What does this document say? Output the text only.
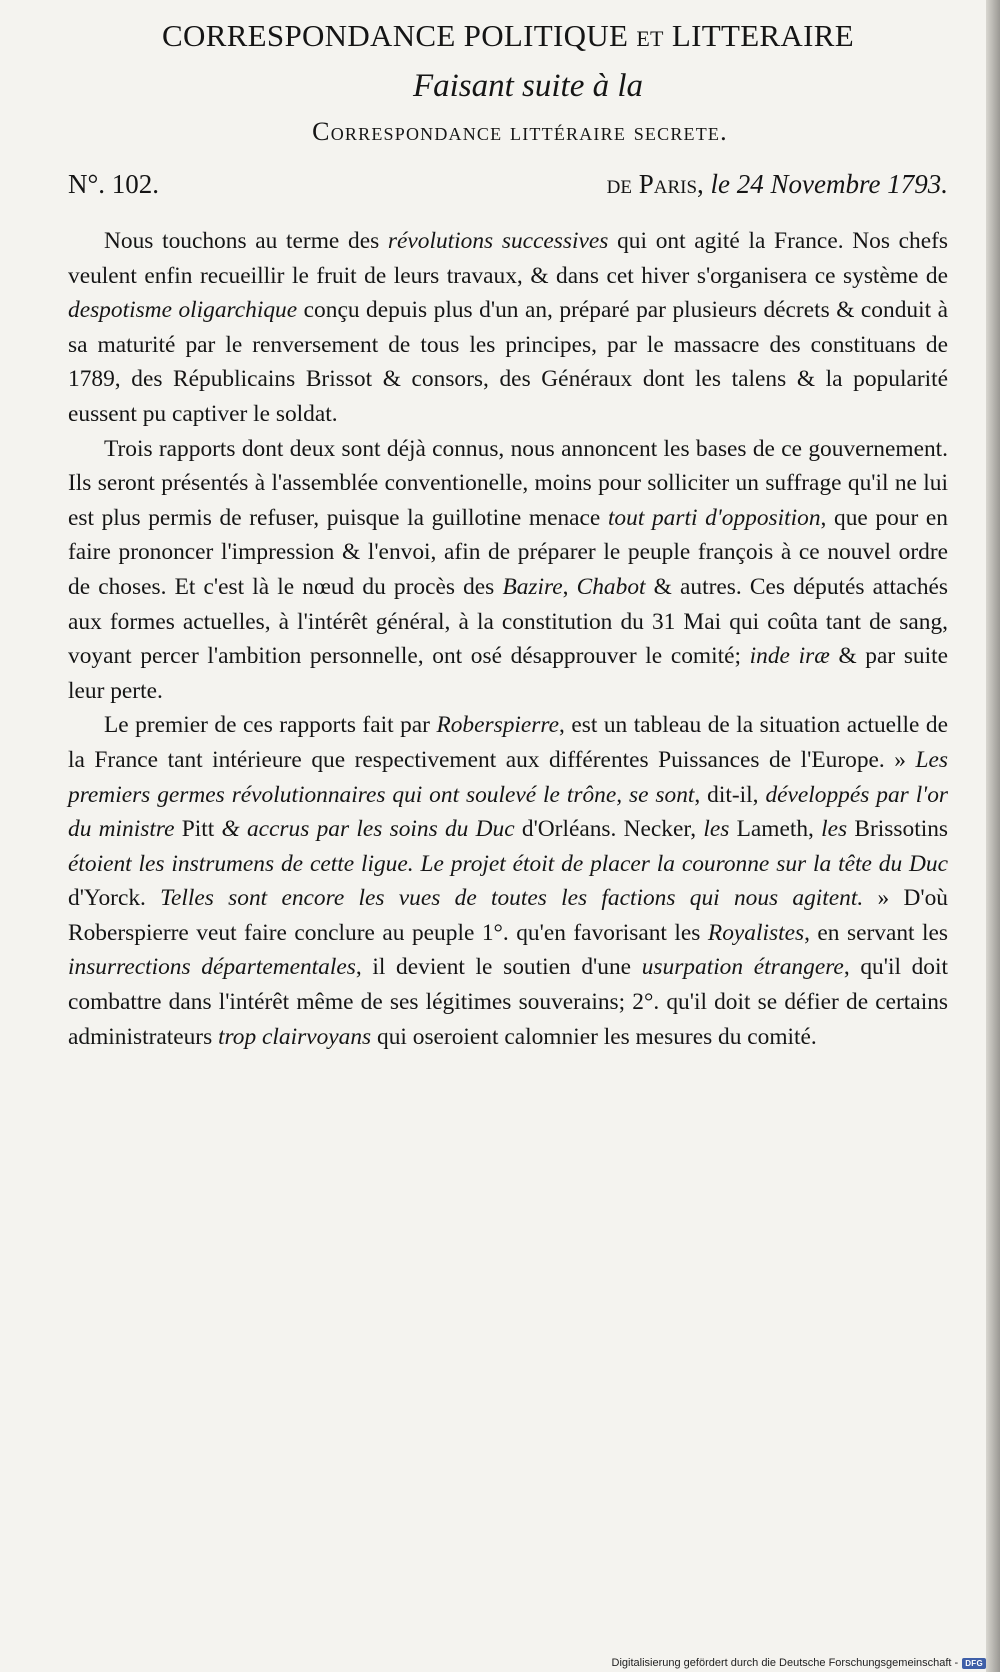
CORRESPONDANCE POLITIQUE ET LITTERAIRE
Faisant suite à la
Correspondance littéraire secrete.
N°. 102.	de Paris, le 24 Novembre 1793.

Nous touchons au terme des révolutions successives qui ont agité la France. Nos chefs veulent enfin recueillir le fruit de leurs travaux, & dans cet hiver s'organisera ce système de despotisme oligarchique conçu depuis plus d'un an, préparé par plusieurs décrets & conduit à sa maturité par le renversement de tous les principes, par le massacre des constituans de 1789, des Républicains Brissot & consors, des Généraux dont les talens & la popularité eussent pu captiver le soldat.

Trois rapports dont deux sont déjà connus, nous annoncent les bases de ce gouvernement. Ils seront présentés à l'assemblée conventionelle, moins pour solliciter un suffrage qu'il ne lui est plus permis de refuser, puisque la guillotine menace tout parti d'opposition, que pour en faire prononcer l'impression & l'envoi, afin de préparer le peuple françois à ce nouvel ordre de choses. Et c'est là le nœud du procès des Bazire, Chabot & autres. Ces députés attachés aux formes actuelles, à l'intérêt général, à la constitution du 31 Mai qui coûta tant de sang, voyant percer l'ambition personnelle, ont osé désapprouver le comité; inde iræ & par suite leur perte.

Le premier de ces rapports fait par Roberspierre, est un tableau de la situation actuelle de la France tant intérieure que respectivement aux différentes Puissances de l'Europe. » Les premiers germes révolutionnaires qui ont soulevé le trône, se sont, dit-il, développés par l'or du ministre Pitt & accrus par les soins du Duc d'Orléans. Necker, les Lameth, les Brissotins étoient les instrumens de cette ligue. Le projet étoit de placer la couronne sur la tête du Duc d'Yorck. Telles sont encore les vues de toutes les factions qui nous agitent. » D'où Roberspierre veut faire conclure au peuple 1°. qu'en favorisant les Royalistes, en servant les insurrections départementales, il devient le soutien d'une usurpation étrangere, qu'il doit combattre dans l'intérêt même de ses légitimes souverains; 2°. qu'il doit se défier de certains administrateurs trop clairvoyans qui oseroient calomnier les mesures du comité.

Digitalisierung gefördert durch die Deutsche Forschungsgemeinschaft - DFG
